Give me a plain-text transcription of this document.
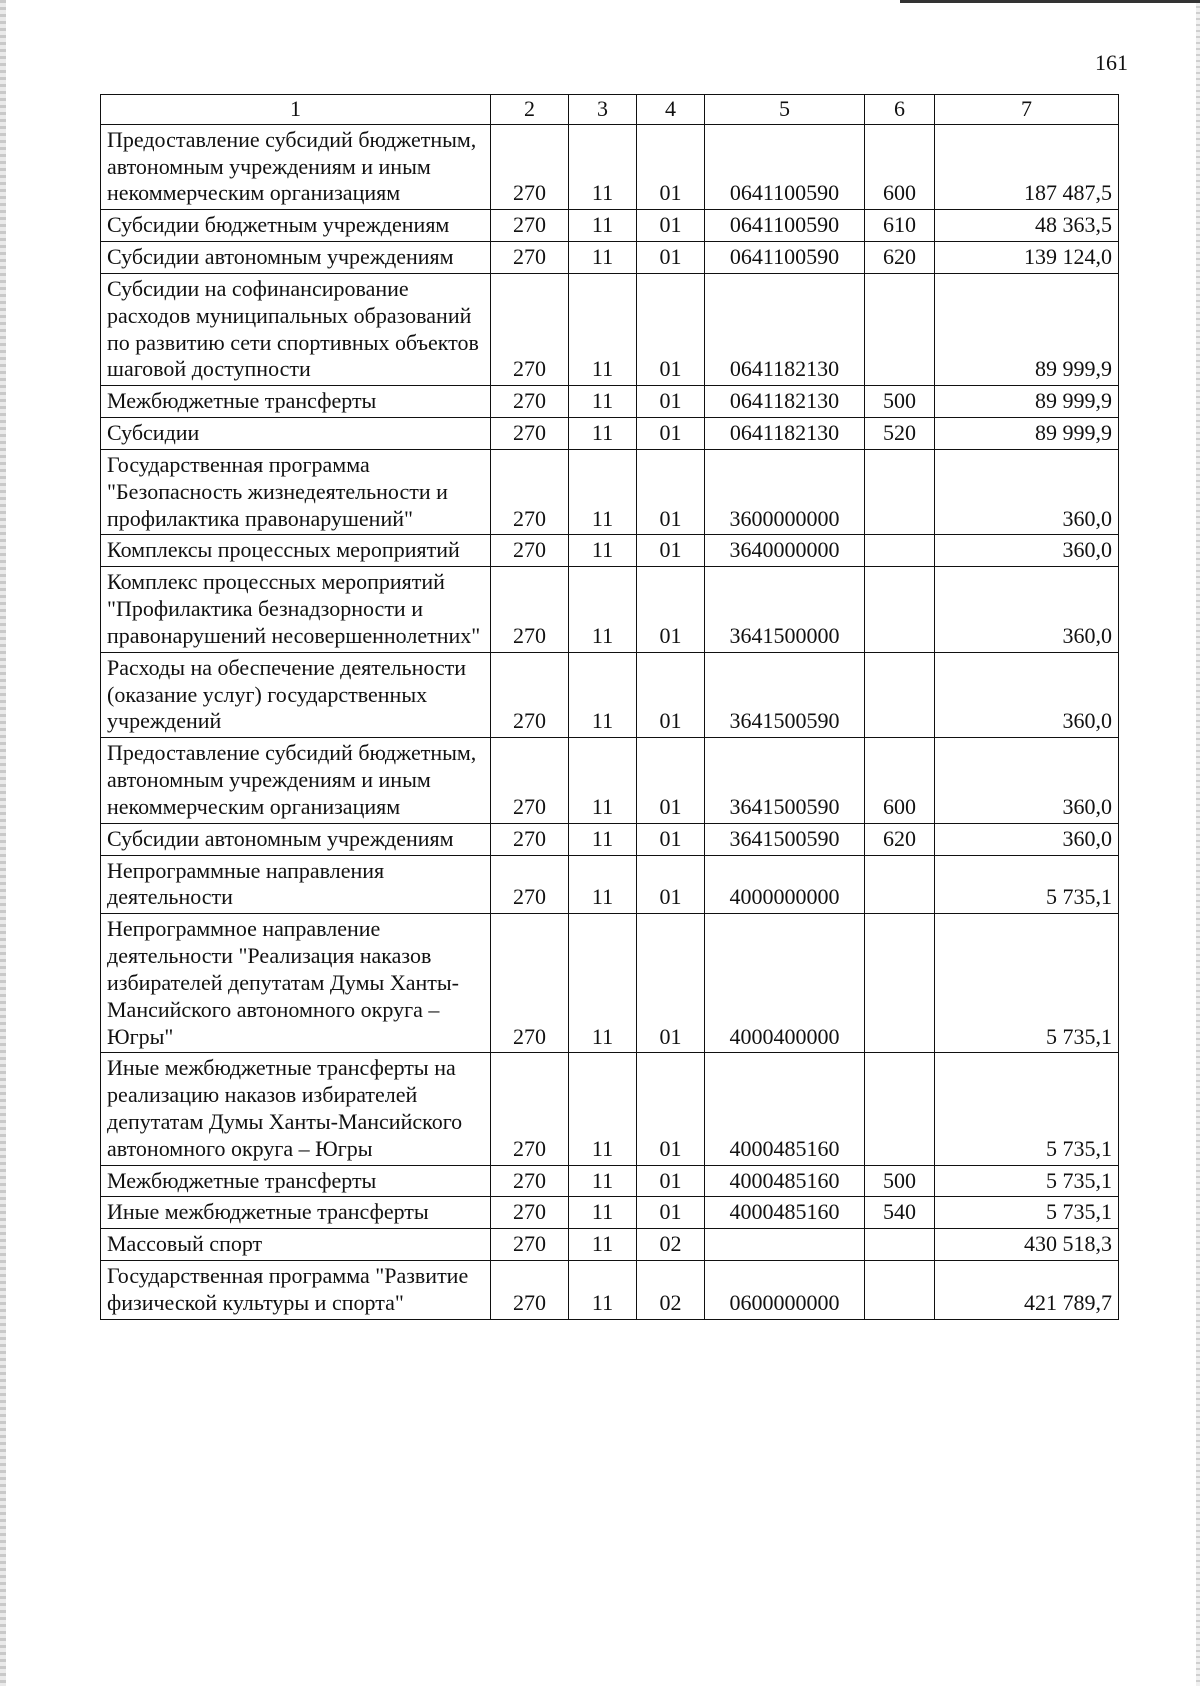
161
1	2	3	4	5	6	7
Предоставление субсидий бюджетным, автономным учреждениям и иным некоммерческим организациям	270	11	01	0641100590	600	187 487,5
Субсидии бюджетным учреждениям	270	11	01	0641100590	610	48 363,5
Субсидии автономным учреждениям	270	11	01	0641100590	620	139 124,0
Субсидии на софинансирование расходов муниципальных образований по развитию сети спортивных объектов шаговой доступности	270	11	01	0641182130		89 999,9
Межбюджетные трансферты	270	11	01	0641182130	500	89 999,9
Субсидии	270	11	01	0641182130	520	89 999,9
Государственная программа "Безопасность жизнедеятельности и профилактика правонарушений"	270	11	01	3600000000		360,0
Комплексы процессных мероприятий	270	11	01	3640000000		360,0
Комплекс процессных мероприятий "Профилактика безнадзорности и правонарушений несовершеннолетних"	270	11	01	3641500000		360,0
Расходы на обеспечение деятельности (оказание услуг) государственных учреждений	270	11	01	3641500590		360,0
Предоставление субсидий бюджетным, автономным учреждениям и иным некоммерческим организациям	270	11	01	3641500590	600	360,0
Субсидии автономным учреждениям	270	11	01	3641500590	620	360,0
Непрограммные направления деятельности	270	11	01	4000000000		5 735,1
Непрограммное направление деятельности "Реализация наказов избирателей депутатам Думы Ханты-Мансийского автономного округа – Югры"	270	11	01	4000400000		5 735,1
Иные межбюджетные трансферты на реализацию наказов избирателей депутатам Думы Ханты-Мансийского автономного округа – Югры	270	11	01	4000485160		5 735,1
Межбюджетные трансферты	270	11	01	4000485160	500	5 735,1
Иные межбюджетные трансферты	270	11	01	4000485160	540	5 735,1
Массовый спорт	270	11	02			430 518,3
Государственная программа "Развитие физической культуры и спорта"	270	11	02	0600000000		421 789,7
